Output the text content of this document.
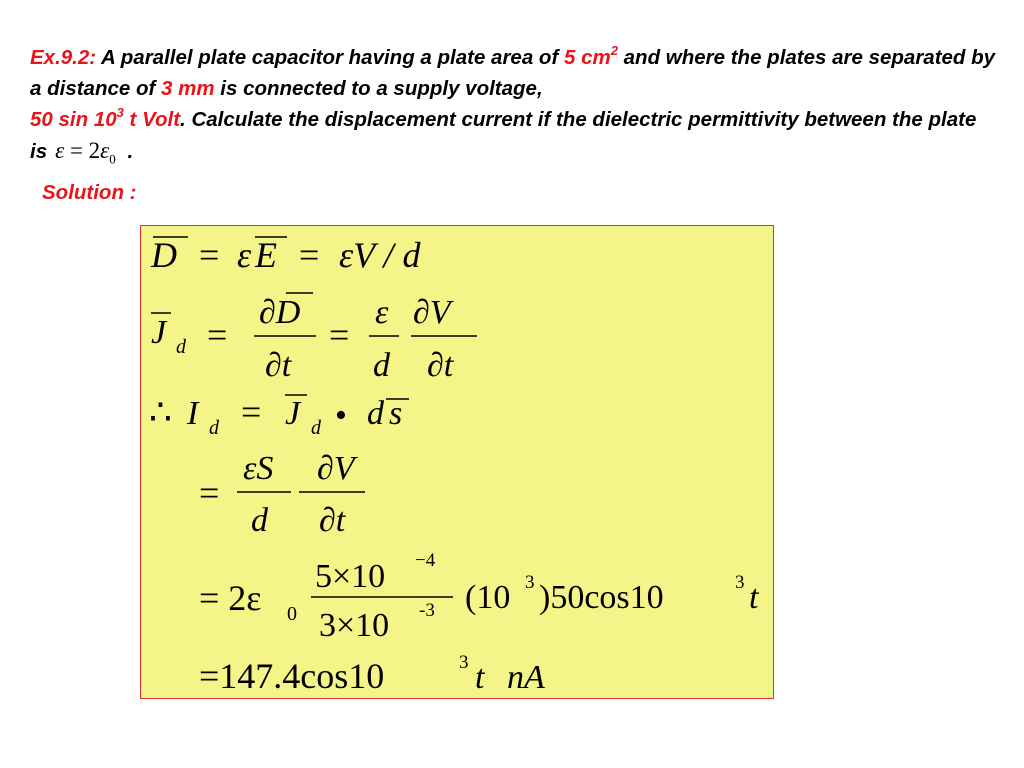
Ex.9.2: A parallel plate capacitor having a plate area of 5 $cm^2$ and where the plates are separated by a distance of 3 mm is connected to a supply voltage,
50 $\sin 10^3$ t Volt. Calculate the displacement current if the dielectric permittivity between the plate is $\varepsilon = 2\varepsilon_0$ .
Solution :
D = ε E = εV / d
J d =
∂D
∂t
=
ε
d
∂V
∂t
∴ I d = J d • d s
=
εS
d
∂V
∂t
= 2ε 0
5×10 −4
3×10 -3 (10 3 )50cos10	3 t
=147.4cos10	3 t nA
